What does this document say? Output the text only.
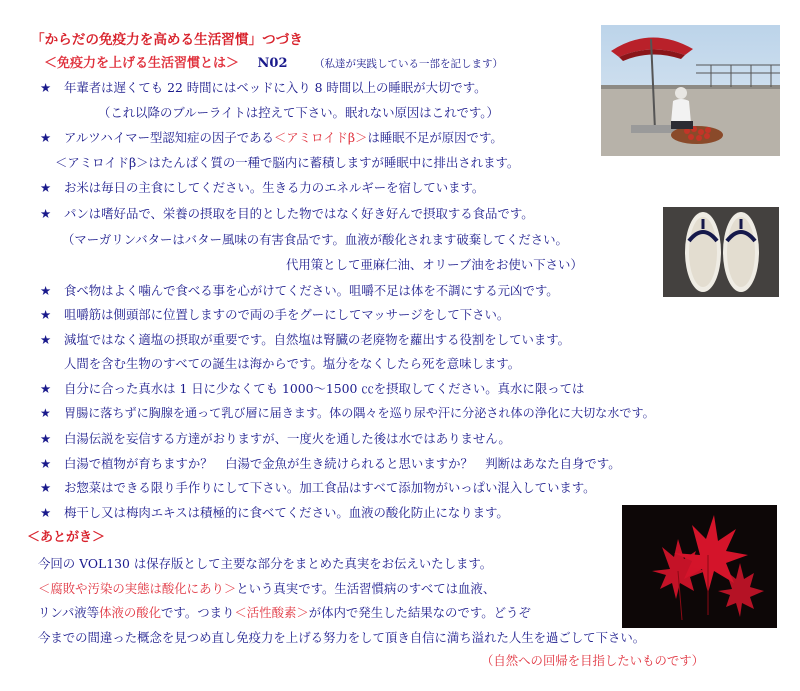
「からだの免疫力を高める生活習慣」つづき
＜免疫力を上げる生活習慣とは＞ N02	（私達が実践している一部を記します）
★ 年輩者は遅くても 22 時間にはベッドに入り 8 時間以上の睡眠が大切です。
（これ以降のブルーライトは控えて下さい。眠れない原因はこれです。）
★ アルツハイマー型認知症の因子である＜アミロイドβ＞は睡眠不足が原因です。
＜アミロイドβ＞はたんぱく質の一種で脳内に蓄積しますが睡眠中に排出されます。
★ お米は毎日の主食にしてください。生きる力のエネルギーを宿しています。
★ パンは嗜好品で、栄養の摂取を目的とした物ではなく好き好んで摂取する食品です。
（マーガリンバターはバター風味の有害食品です。血液が酸化されます破棄してください。
代用策として亜麻仁油、オリーブ油をお使い下さい）
★ 食べ物はよく噛んで食べる事を心がけてください。咀嚼不足は体を不調にする元凶です。
★ 咀嚼筋は側頭部に位置しますので両の手をグーにしてマッサージをして下さい。
★ 減塩ではなく適塩の摂取が重要です。自然塩は腎臓の老廃物を蘿出する役割をしています。
人間を含む生物のすべての誕生は海からです。塩分をなくしたら死を意味します。
★ 自分に合った真水は 1 日に少なくても 1000～1500 ㏄を摂取してください。真水に限っては
★ 胃腸に落ちずに胸腺を通って乳び層に届きます。体の隅々を巡り尿や汗に分泌され体の浄化に大切な水です。
★ 白湯伝説を妄信する方達がおりますが、一度火を通した後は水ではありません。
★ 白湯で植物が育ちますか？　白湯で金魚が生き続けられると思いますか？　判断はあなた自身です。
★ お惣菜はできる限り手作りにして下さい。加工食品はすべて添加物がいっぱい混入しています。
★ 梅干し又は梅肉エキスは積極的に食べてください。血液の酸化防止になります。
＜あとがき＞
今回の VOL130 は保存版として主要な部分をまとめた真実をお伝えいたします。
＜腐敗や汚染の実態は酸化にあり＞という真実です。生活習慣病のすべては血液、
リンパ液等体液の酸化です。つまり＜活性酸素＞が体内で発生した結果なのです。どうぞ
今までの間違った概念を見つめ直し免疫力を上げる努力をして頂き自信に満ち溢れた人生を過ごして下さい。
（自然への回帰を目指したいものです）
